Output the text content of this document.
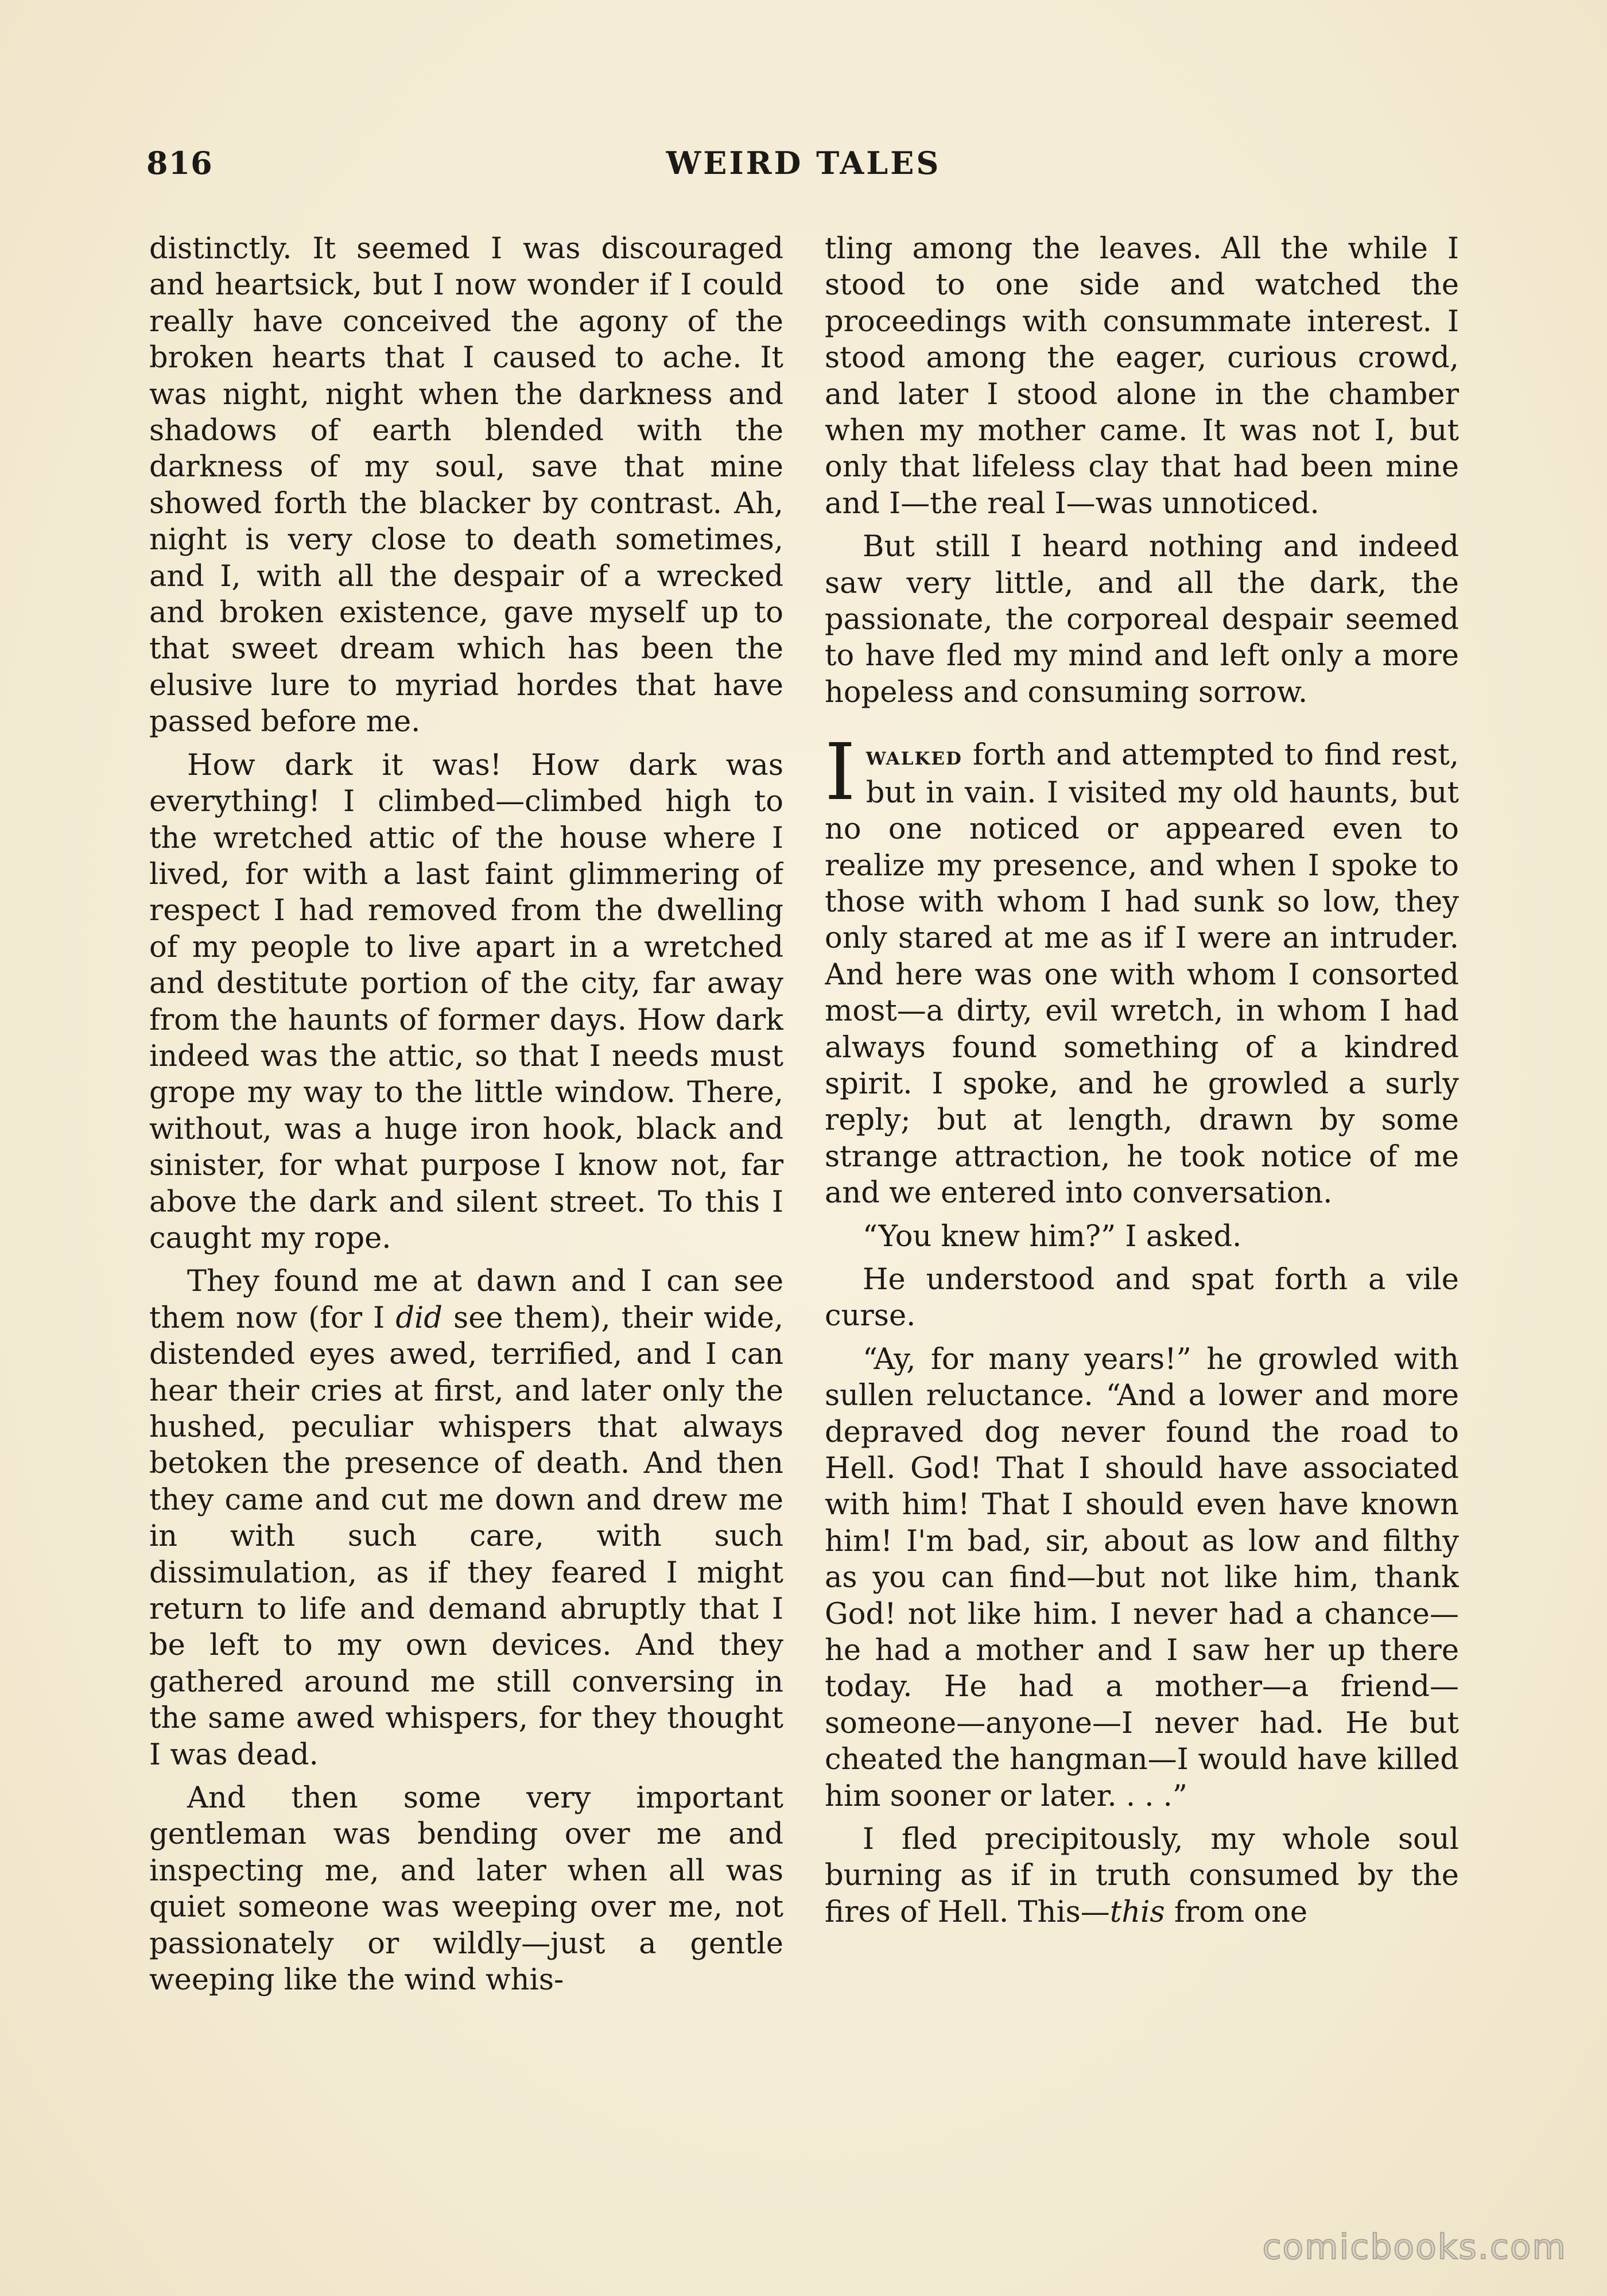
816	WEIRD TALES

distinctly. It seemed I was discouraged and heartsick, but I now wonder if I could really have conceived the agony of the broken hearts that I caused to ache. It was night, night when the darkness and shadows of earth blended with the darkness of my soul, save that mine showed forth the blacker by contrast. Ah, night is very close to death sometimes, and I, with all the despair of a wrecked and broken existence, gave myself up to that sweet dream which has been the elusive lure to myriad hordes that have passed before me.

How dark it was! How dark was everything! I climbed—climbed high to the wretched attic of the house where I lived, for with a last faint glimmering of respect I had removed from the dwelling of my people to live apart in a wretched and destitute portion of the city, far away from the haunts of former days. How dark indeed was the attic, so that I needs must grope my way to the little window. There, without, was a huge iron hook, black and sinister, for what purpose I know not, far above the dark and silent street. To this I caught my rope.

They found me at dawn and I can see them now (for I did see them), their wide, distended eyes awed, terrified, and I can hear their cries at first, and later only the hushed, peculiar whispers that always betoken the presence of death. And then they came and cut me down and drew me in with such care, with such dissimulation, as if they feared I might return to life and demand abruptly that I be left to my own devices. And they gathered around me still conversing in the same awed whispers, for they thought I was dead.

And then some very important gentleman was bending over me and inspecting me, and later when all was quiet someone was weeping over me, not passionately or wildly—just a gentle weeping like the wind whis-

tling among the leaves. All the while I stood to one side and watched the proceedings with consummate interest. I stood among the eager, curious crowd, and later I stood alone in the chamber when my mother came. It was not I, but only that lifeless clay that had been mine and I—the real I—was unnoticed.

But still I heard nothing and indeed saw very little, and all the dark, the passionate, the corporeal despair seemed to have fled my mind and left only a more hopeless and consuming sorrow.

Iwalked forth and attempted to find rest, but in vain. I visited my old haunts, but no one noticed or appeared even to realize my presence, and when I spoke to those with whom I had sunk so low, they only stared at me as if I were an intruder. And here was one with whom I consorted most—a dirty, evil wretch, in whom I had always found something of a kindred spirit. I spoke, and he growled a surly reply; but at length, drawn by some strange attraction, he took notice of me and we entered into conversation.

“You knew him?” I asked.

He understood and spat forth a vile curse.

“Ay, for many years!” he growled with sullen reluctance. “And a lower and more depraved dog never found the road to Hell. God! That I should have associated with him! That I should even have known him! I'm bad, sir, about as low and filthy as you can find—but not like him, thank God! not like him. I never had a chance—he had a mother and I saw her up there today. He had a mother—a friend—someone—anyone—I never had. He but cheated the hangman—I would have killed him sooner or later. . . .”

I fled precipitously, my whole soul burning as if in truth consumed by the fires of Hell. This—this from one

comicbooks.com
